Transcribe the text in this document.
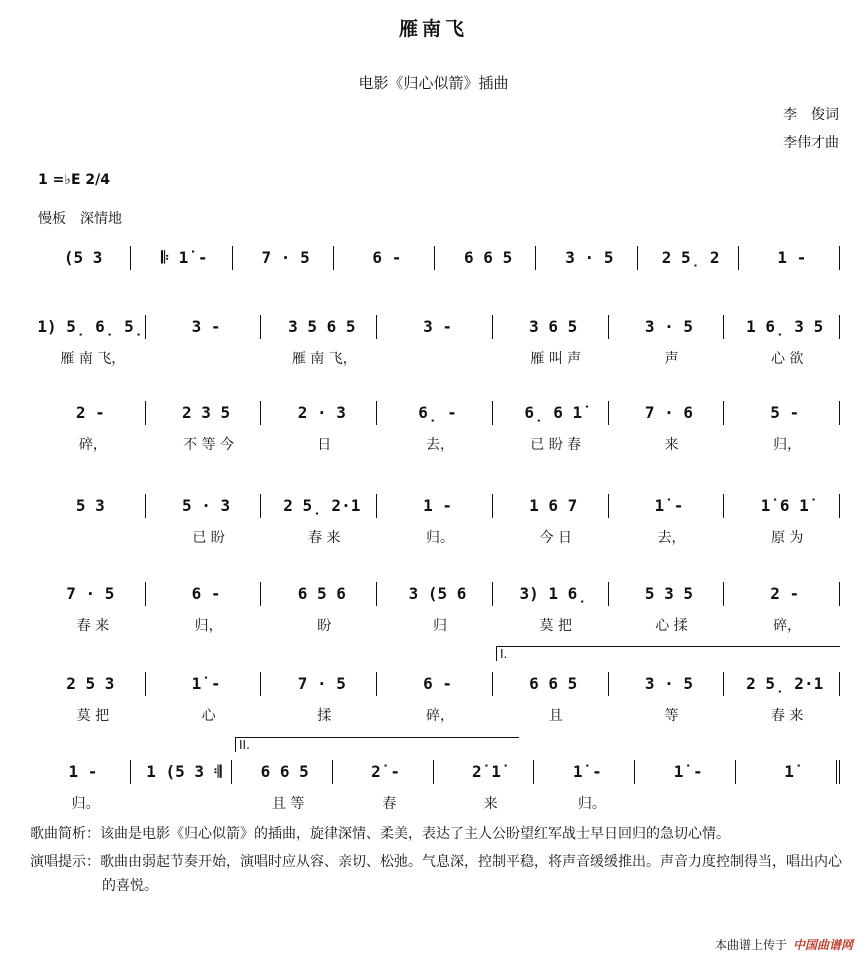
雁南飞
电影《归心似箭》插曲
李　俊词
李伟才曲
1 =♭E 2/4
慢板　深情地
(5 3	𝄆 1̇ -	7 · 5	6 -	6 6 5	3 · 5	2 5̣ 2	1 -
1) 5̣ 6̣ 5̣	3 -	3 5 6 5	3 -	3 6 5	3 · 5	1 6̣ 3 5
雁 南 飞，	雁 南 飞，	雁 叫 声	声	心 欲
2 -	2 3 5	2 · 3	6̣ -	6̣ 6 1̇	7 · 6	5 -
碎，	不 等 今	日	去，	已 盼 春	来	归，
5 3	5 · 3	2 5̣ 2·1	1 -	1 6 7	1̇ -	1̇ 6 1̇
已 盼	春 来	归。	今 日	去，	原 为
7 · 5	6 -	6 5 6	3 (5 6	3) 1 6̣	5 3 5	2 -
春 来	归，	盼	归	莫 把	心 揉	碎，
2 5 3	1̇ -	7 · 5	6 -	6 6 5	3 · 5	2 5̣ 2·1
莫 把	心	揉	碎，	且	等	春 来
1 -	1 (5 3 𝄇	6 6 5	2̇ -	2̇ 1̇	1̇ -	1̇ -	1̇
归。	且 等	春	来	归。
I.
II.
歌曲简析：该曲是电影《归心似箭》的插曲，旋律深情、柔美，表达了主人公盼望红军战士早日回归的急切心情。
演唱提示：歌曲由弱起节奏开始，演唱时应从容、亲切、松弛。气息深，控制平稳，将声音缓缓推出。声音力度控制得当，唱出内心的喜悦。
本曲谱上传于 中国曲谱网
